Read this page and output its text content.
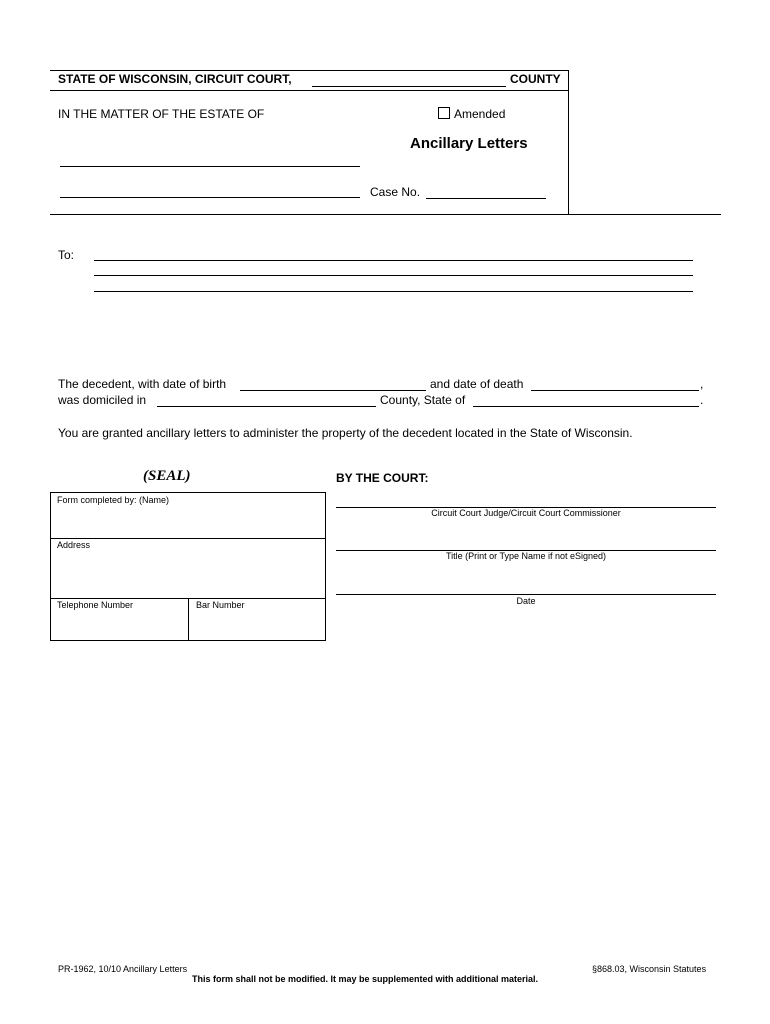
STATE OF WISCONSIN, CIRCUIT COURT,	COUNTY
IN THE MATTER OF THE ESTATE OF	Amended
Ancillary Letters
Case No.
To:
The decedent, with date of birth	and date of death	,
was domiciled in	County, State of	.
You are granted ancillary letters to administer the property of the decedent located in the State of Wisconsin.
(SEAL)	BY THE COURT:
Form completed by: (Name)
Address
Telephone Number	Bar Number
Circuit Court Judge/Circuit Court Commissioner
Title (Print or Type Name if not eSigned)
Date
PR-1962, 10/10 Ancillary Letters	§868.03, Wisconsin Statutes
This form shall not be modified. It may be supplemented with additional material.
